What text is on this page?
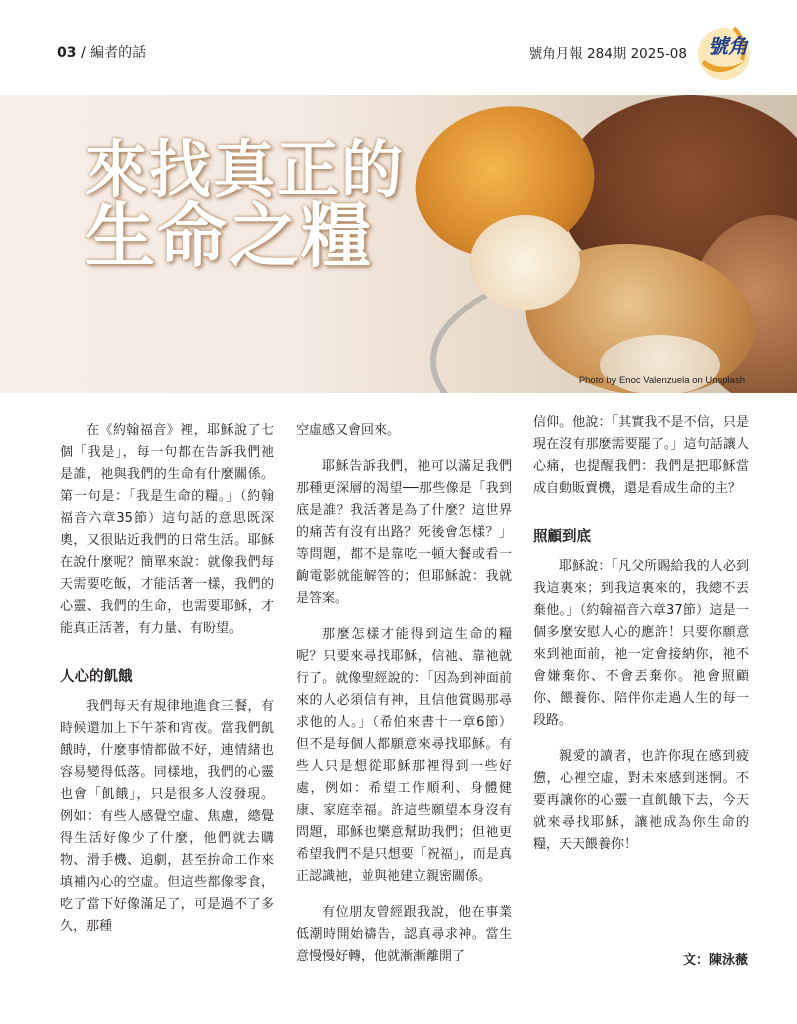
03 / 編者的話	號角月報 284期 2025-08 號角
來找真正的
生命之糧
Photo by Enoc Valenzuela on Unsplash

在《約翰福音》裡，耶穌說了七個「我是」，每一句都在告訴我們祂是誰，祂與我們的生命有什麼關係。第一句是：「我是生命的糧。」（約翰福音六章35節）這句話的意思既深奧，又很貼近我們的日常生活。耶穌在說什麼呢？簡單來說：就像我們每天需要吃飯，才能活著一樣，我們的心靈、我們的生命，也需要耶穌，才能真正活著，有力量、有盼望。

人心的飢餓

我們每天有規律地進食三餐，有時候還加上下午茶和宵夜。當我們飢餓時，什麼事情都做不好，連情緒也容易變得低落。同樣地，我們的心靈也會「飢餓」，只是很多人沒發現。例如：有些人感覺空虛、焦慮，總覺得生活好像少了什麼，他們就去購物、滑手機、追劇，甚至拚命工作來填補內心的空虛。但這些都像零食，吃了當下好像滿足了，可是過不了多久，那種

空虛感又會回來。

耶穌告訴我們，祂可以滿足我們那種更深層的渴望──那些像是「我到底是誰？我活著是為了什麼？這世界的痛苦有沒有出路？死後會怎樣？」等問題，都不是靠吃一頓大餐或看一齣電影就能解答的；但耶穌說：我就是答案。

那麼怎樣才能得到這生命的糧呢？只要來尋找耶穌，信祂、靠祂就行了。就像聖經說的：「因為到神面前來的人必須信有神，且信他賞賜那尋求他的人。」（希伯來書十一章6節）但不是每個人都願意來尋找耶穌。有些人只是想從耶穌那裡得到一些好處，例如：希望工作順利、身體健康、家庭幸福。許這些願望本身沒有問題，耶穌也樂意幫助我們；但祂更希望我們不是只想要「祝福」，而是真正認識祂，並與祂建立親密關係。

有位朋友曾經跟我說，他在事業低潮時開始禱告，認真尋求神。當生意慢慢好轉，他就漸漸離開了

信仰。他說：「其實我不是不信，只是現在沒有那麼需要罷了。」這句話讓人心痛，也提醒我們：我們是把耶穌當成自動販賣機，還是看成生命的主？

照顧到底

耶穌說：「凡父所賜給我的人必到我這裏來；到我這裏來的，我總不丟棄他。」（約翰福音六章37節）這是一個多麼安慰人心的應許！只要你願意來到祂面前，祂一定會接納你，祂不會嫌棄你、不會丟棄你。祂會照顧你、餵養你、陪伴你走過人生的每一段路。

親愛的讀者，也許你現在感到疲憊，心裡空虛，對未來感到迷惘。不要再讓你的心靈一直飢餓下去，今天就來尋找耶穌，讓祂成為你生命的糧，天天餵養你！

文：陳泳薇
